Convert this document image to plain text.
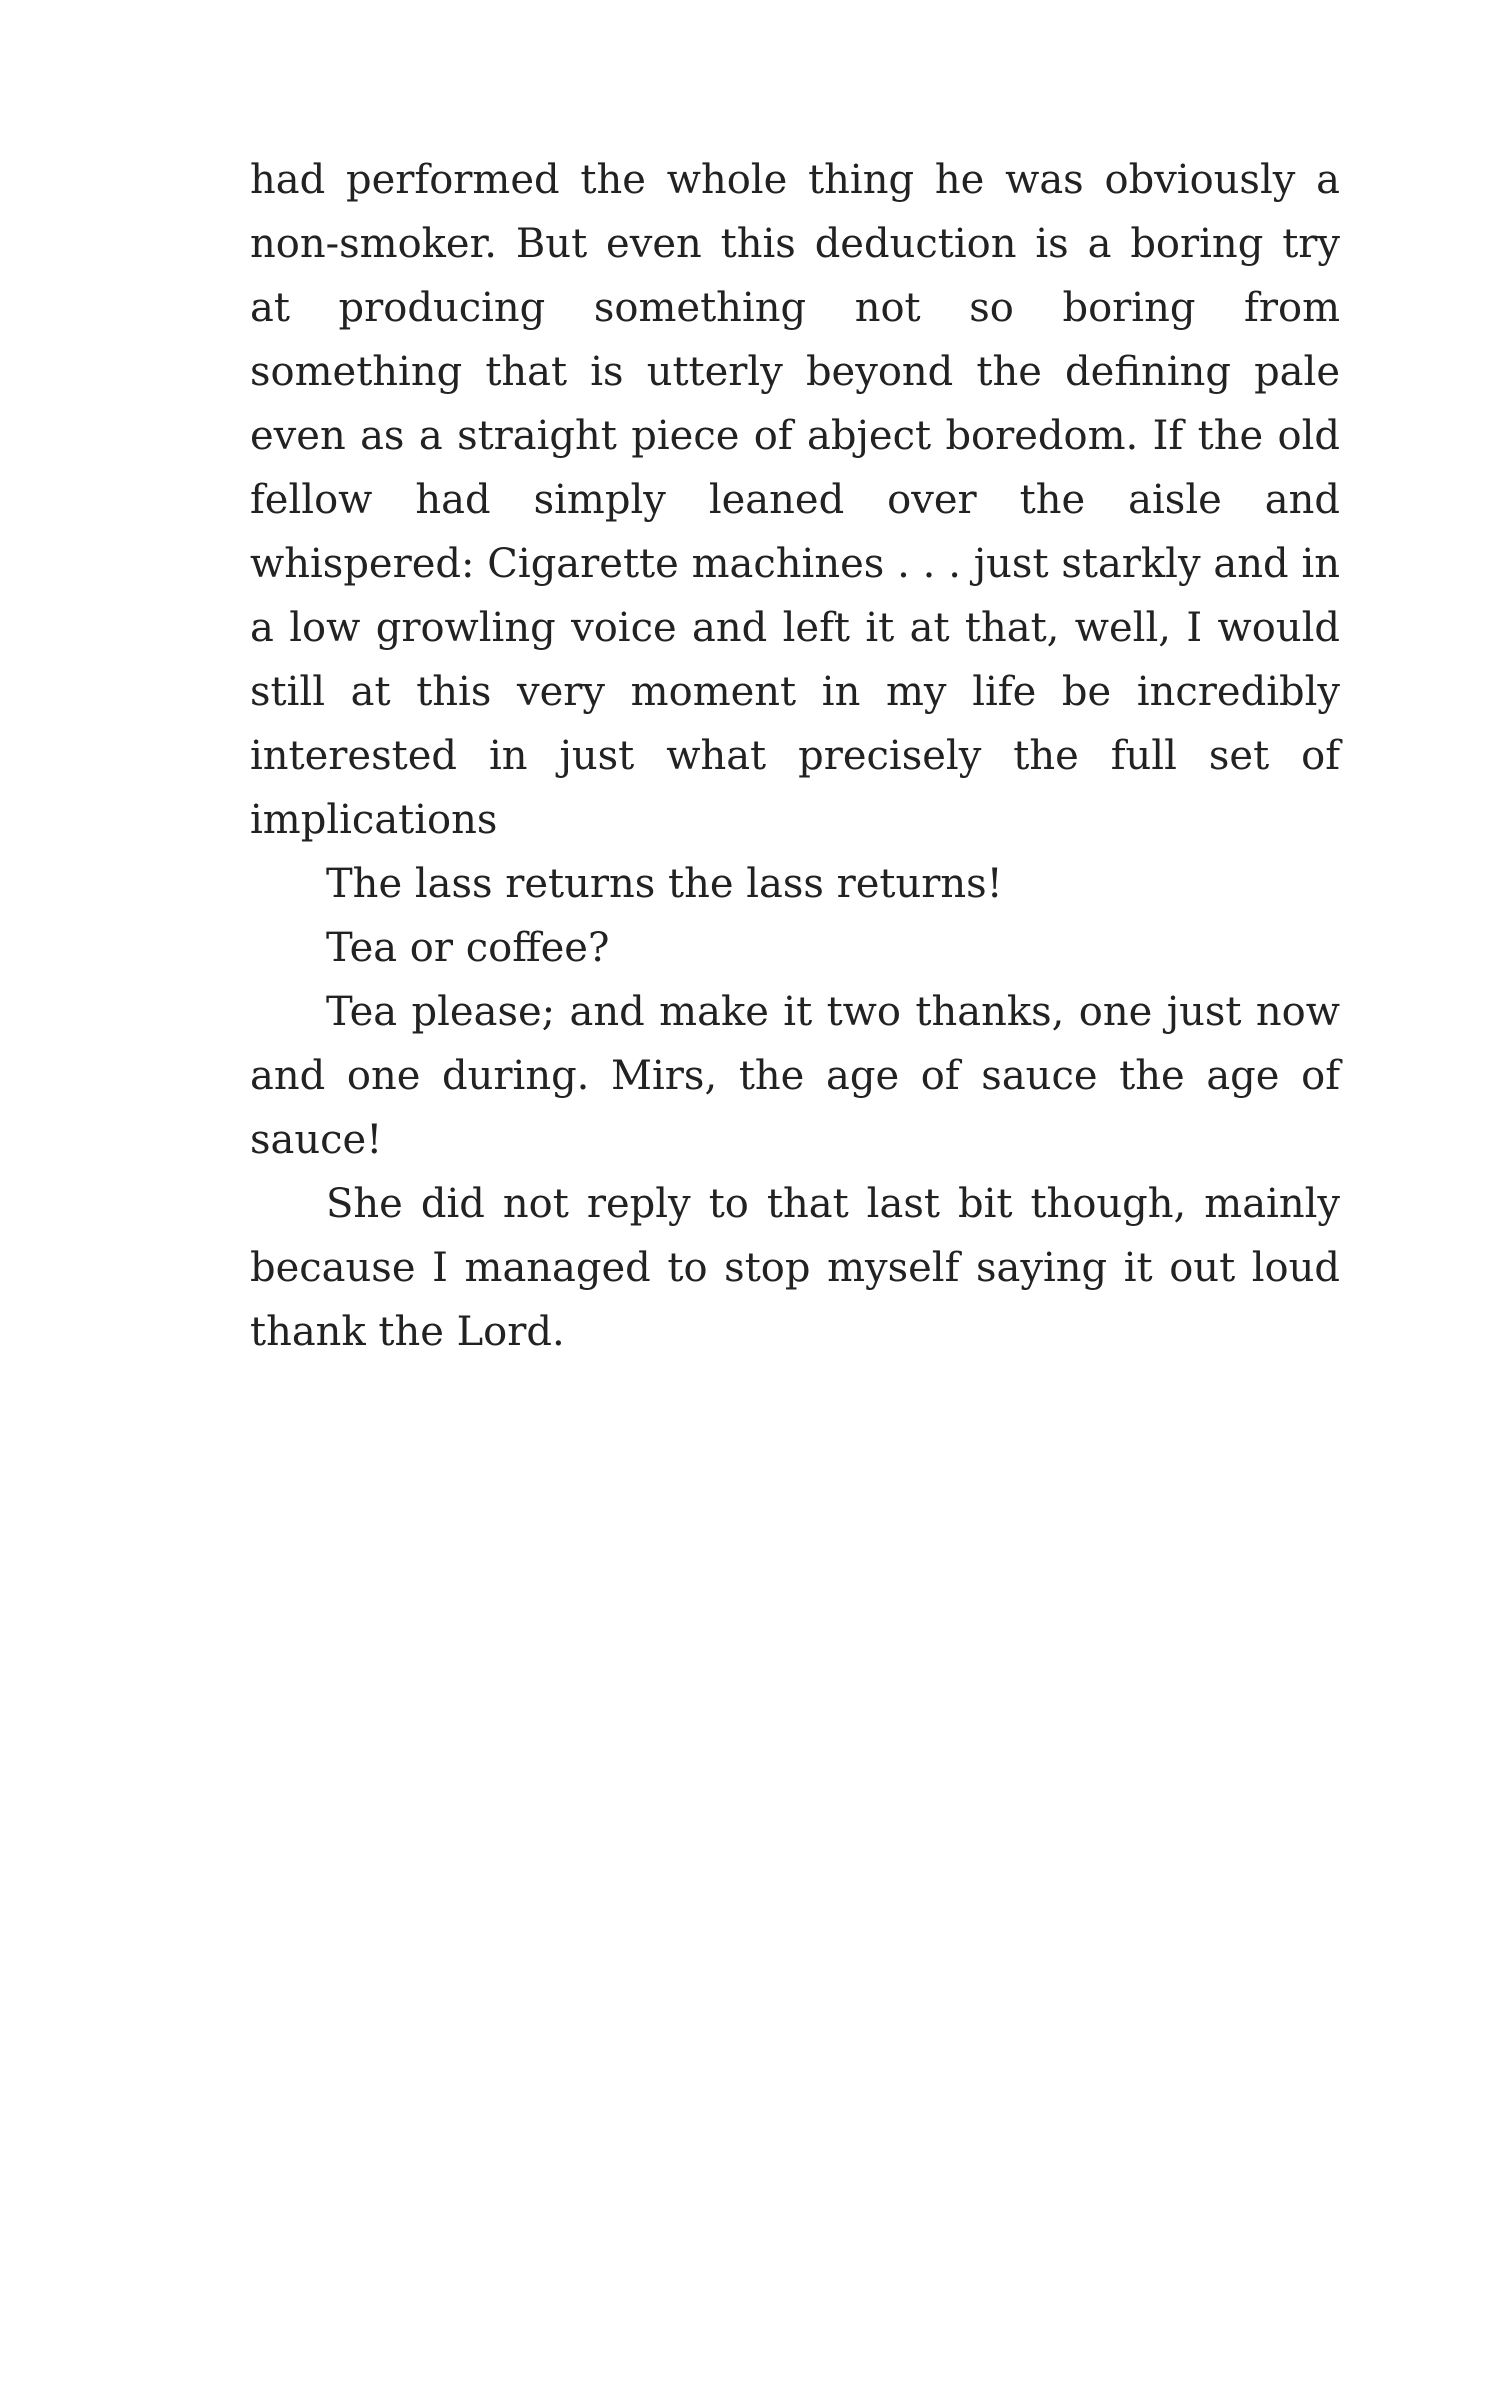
had performed the whole thing he was obviously a non-smoker. But even this deduction is a boring try at producing something not so boring from something that is utterly beyond the defining pale even as a straight piece of abject boredom. If the old fellow had simply leaned over the aisle and whispered: Cigarette machines . . . just starkly and in a low growling voice and left it at that, well, I would still at this very moment in my life be incredibly interested in just what precisely the full set of implications

The lass returns the lass returns!

Tea or coffee?

Tea please; and make it two thanks, one just now and one during. Mirs, the age of sauce the age of sauce!

She did not reply to that last bit though, mainly because I managed to stop myself saying it out loud thank the Lord.
